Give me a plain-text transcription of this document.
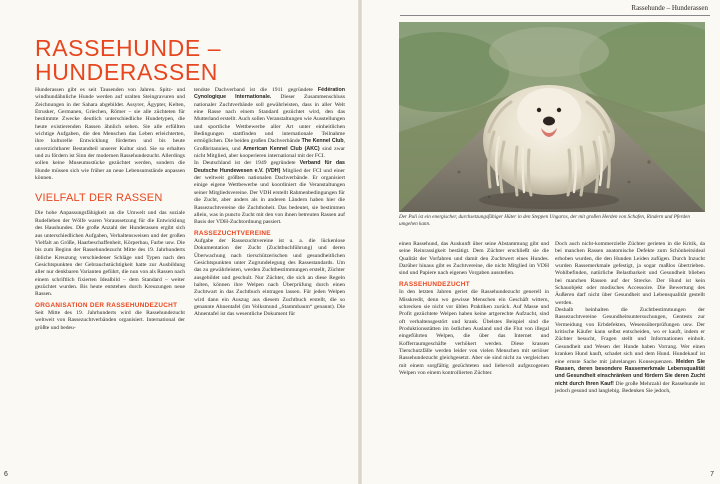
Rassehunde – Hunderassen
RASSEHUNDE –
HUNDERASSEN

Hunderassen gibt es seit Tausenden von Jahren. Spitz- und windhundähnliche Hunde werden auf uralten Steingravuren und Zeichnungen in der Sahara abgebildet. Assyrer, Ägypter, Kelten, Etrusker, Germanen, Griechen, Römer – sie alle züchteten für bestimmte Zwecke deutlich unterschiedliche Hundetypen, die heute existierenden Rassen ähnlich sehen. Sie alle erfüllten wichtige Aufgaben, die den Menschen das Leben erleichterten, ihre kulturelle Entwicklung förderten und bis heute unverzichtbarer Bestandteil unserer Kultur sind. Sie so erhalten und zu fördern ist Sinn der modernen Rassehundezucht. Allerdings sollen keine Museumsstücke gezüchtet werden, sondern die Hunde müssen sich wie früher an neue Lebensumstände anpassen können.

VIELFALT DER RASSEN

Die hohe Anpassungsfähigkeit an die Umwelt und das soziale Rudelleben der Wölfe waren Voraussetzung für die Entwicklung des Haushundes. Die große Anzahl der Hunderassen ergibt sich aus unterschiedlichen Aufgaben, Verhaltensweisen und der großen Vielfalt an Größe, Haarbeschaffenheit, Körperbau, Farbe usw. Die bis zum Beginn der Rassehundezucht Mitte des 19. Jahrhunderts übliche Kreuzung verschiedener Schläge und Typen nach den Gesichtspunkten der Gebrauchstüchtigkeit hatte zur Ausbildung aller nur denkbaren Varianten geführt, die nun von als Rassen nach einem schriftlich fixierten Idealbild – dem Standard – weiter gezüchtet wurden. Bis heute entstehen durch Kreuzungen neue Rassen.

ORGANISATION DER RASSEHUNDEZUCHT

Seit Mitte des 19. Jahrhunderts wird die Rassehundezucht weltweit von Rassezuchtverbänden organisiert. International der größte und bedeu-

tendste Dachverband ist die 1911 gegründete Fédération Cynologique Internationale. Dieser Zusammenschluss nationaler Zuchtverbände soll gewährleisten, dass in aller Welt eine Rasse nach einem Standard gezüchtet wird, den das Mutterland erstellt. Auch sollen Veranstaltungen wie Ausstellungen und sportliche Wettbewerbe aller Art unter einheitlichen Bedingungen stattfinden und internationale Teilnahme ermöglichen. Die beiden großen Dachverbände The Kennel Club, Großbritannien, und American Kennel Club (AKC) sind zwar nicht Mitglied, aber kooperieren international mit der FCI.

In Deutschland ist der 1949 gegründete Verband für das Deutsche Hundewesen e.V. (VDH) Mitglied der FCI und einer der weltweit größten nationalen Dachverbände. Er organisiert einige eigene Wettbewerbe und koordiniert die Veranstaltungen seiner Mitgliedsvereine. Der VDH erstellt Rahmenbedingungen für die Zucht, aber anders als in anderen Ländern haben hier die Rassezuchtvereine die Zuchthoheit. Das bedeutet, sie bestimmen allein, was in puncto Zucht mit den von ihnen betreuten Rassen auf Basis der VDH-Zuchtordnung passiert.

RASSEZUCHTVEREINE

Aufgabe der Rassezuchtvereine ist u. a. die lückenlose Dokumentation der Zucht (Zuchtbuchführung) und deren Überwachung nach tierschützerischen und gesundheitlichen Gesichtspunkten unter Zugrundelegung des Rassestandards. Um das zu gewährleisten, werden Zuchtbestimmungen erstellt, Züchter ausgebildet und geschult. Nur Züchter, die sich an diese Regeln halten, können ihre Welpen nach Überprüfung durch einen Zuchtwart in das Zuchtbuch eintragen lassen. Für jeden Welpen wird dann ein Auszug aus diesem Zuchtbuch erstellt, die so genannte Ahnentafel (im Volksmund „Stammbaum“ genannt). Die Ahnentafel ist das wesentliche Dokument für

6
Der Puli ist ein energischer, durchsetzungsfähiger Hüter in den Steppen Ungarns, der mit großen Herden von Schafen, Rindern und Pferden umgehen kann.

einen Rassehund, das Auskunft über seine Abstammung gibt und seine Reinrassigkeit bestätigt. Dem Züchter erschließt sie die Qualität der Vorfahren und damit den Zuchtwert eines Hundes. Darüber hinaus gibt es Zuchtvereine, die nicht Mitglied im VDH sind und Papiere nach eigenen Vorgaben ausstellen.

RASSEHUNDEZUCHT

In den letzten Jahren geriet die Rassehundezucht generell in Misskredit, denn wo gewisse Menschen ein Geschäft wittern, schrecken sie nicht vor üblen Praktiken zurück. Auf Masse und Profit gezüchtete Welpen haben keine artgerechte Aufzucht, sind oft verhaltensgestört und krank. Übelstes Beispiel sind die Produktionsstätten im östlichen Ausland und die Flut von illegal eingeführten Welpen, die über das Internet und Kofferraumgeschäfte verhökert werden. Diese krassen Tierschutzfälle werden leider von vielen Menschen mit seriöser Rassehundezucht gleichgesetzt. Aber sie sind nicht zu vergleichen mit einem sorgfältig gezüchteten und liebevoll aufgezogenen Welpen von einem kontrollierten Züchter.

Doch auch nicht-kommerzielle Züchter gerieten in die Kritik, da bei manchen Rassen anatomische Defekte zum Schönheitsideal erhoben wurden, die den Hunden Leiden zufügen. Durch Inzucht wurden Rassemerkmale gefestigt, ja sogar maßlos übertrieben. Wohlbefinden, natürliche Belastbarkeit und Gesundheit blieben bei manchen Rassen auf der Strecke. Der Hund ist kein Schauobjekt oder modisches Accessoire. Die Bewertung des Äußeren darf nicht über Gesundheit und Lebensqualität gestellt werden.

Deshalb beinhalten die Zuchtbestimmungen der Rassezuchtvereine Gesundheitsuntersuchungen, Gentests zur Vermeidung von Erbdefekten, Wesensüberprüfungen usw. Der kritische Käufer kann selbst entscheiden, wo er kauft, indem er Züchter besucht, Fragen stellt und Informationen einholt. Gesundheit und Wesen der Hunde haben Vorrang. Wer einen kranken Hund kauft, schadet sich und dem Hund. Hundekauf ist eine ernste Sache mit jahrelangen Konsequenzen. Meiden Sie Rassen, deren besondere Rassemerkmale Lebensqualität und Gesundheit einschränken und fördern Sie deren Zucht nicht durch Ihren Kauf! Die große Mehrzahl der Rassehunde ist jedoch gesund und langlebig. Bedenken Sie jedoch,

7
